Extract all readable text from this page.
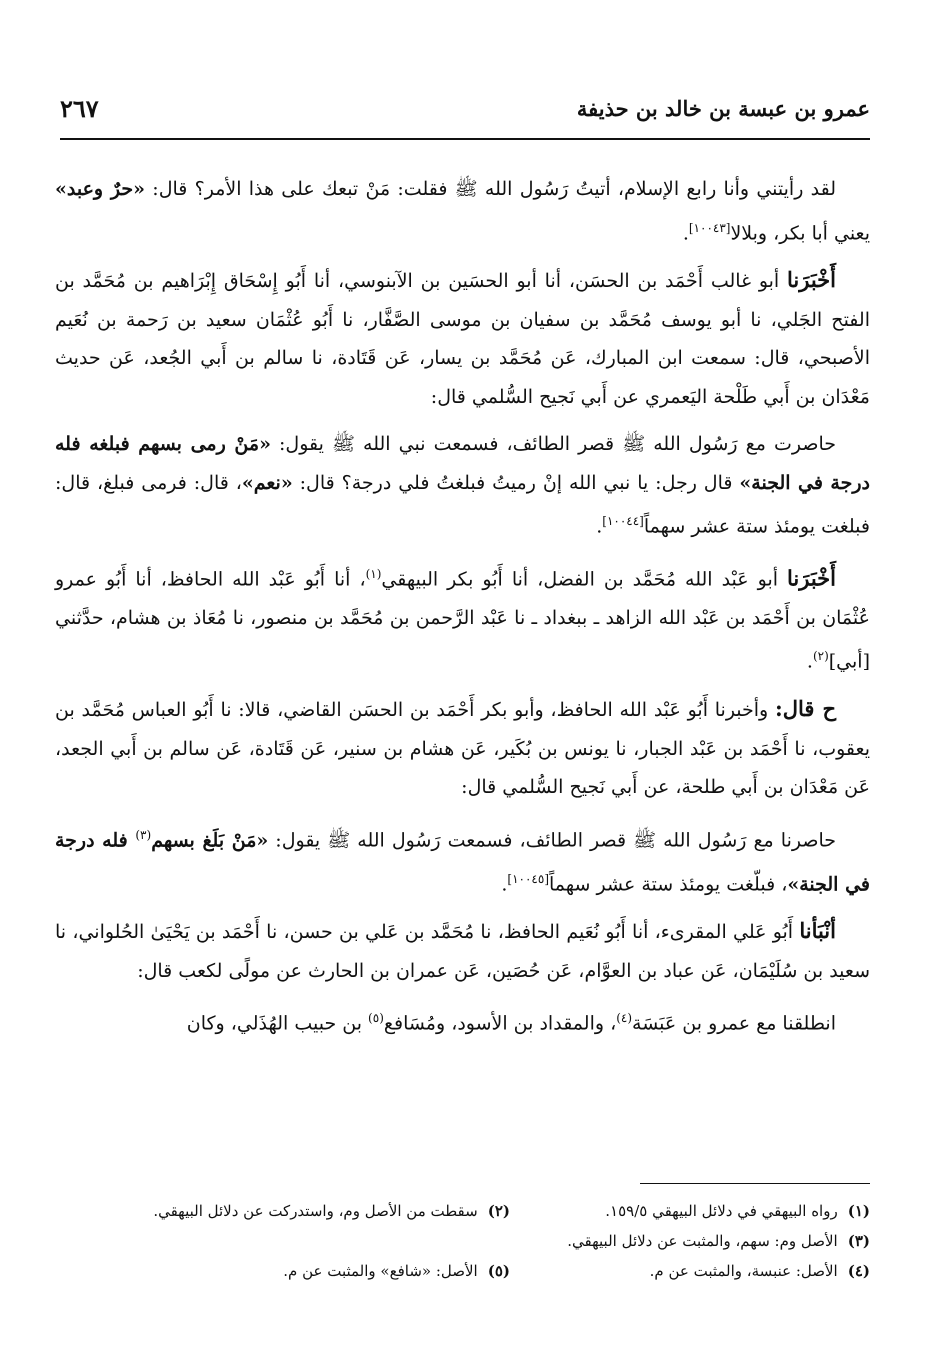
٢٦٧	عمرو بن عبسة بن خالد بن حذيفة

لقد رأيتني وأنا رابع الإسلام، أتيتُ رَسُول الله ﷺ فقلت: مَنْ تبعك على هذا الأمر؟ قال: «حرٌ وعبد» يعني أبا بكر، وبلالا[١٠٠٤٣].

أَخْبَرَنا أبو غالب أَحْمَد بن الحسَن، أنا أبو الحسَين بن الآبنوسي، أنا أَبُو إِسْحَاق إِبْرَاهيم بن مُحَمَّد بن الفتح الجَلي، نا أبو يوسف مُحَمَّد بن سفيان بن موسى الصَّفَّار، نا أَبُو عُثْمَان سعيد بن رَحمة بن نُعَيم الأصبحي، قال: سمعت ابن المبارك، عَن مُحَمَّد بن يسار، عَن قَتَادة، نا سالم بن أَبي الجُعد، عَن حديث مَعْدَان بن أَبي طَلْحة اليَعمري عن أَبي نَجيح السُّلمي قال:

حاصرت مع رَسُول الله ﷺ قصر الطائف، فسمعت نبي الله ﷺ يقول: «مَنْ رمى بسهم فبلغه فله درجة في الجنة» قال رجل: يا نبي الله إنْ رميتُ فبلغتُ فلي درجة؟ قال: «نعم»، قال: فرمى فبلغ، قال: فبلغت يومئذ ستة عشر سهماً[١٠٠٤٤].

أَخْبَرَنا أبو عَبْد الله مُحَمَّد بن الفضل، أنا أَبُو بكر البيهقي$^{(١)}$، أنا أَبُو عَبْد الله الحافظ، أنا أَبُو عمرو عُثْمَان بن أَحْمَد بن عَبْد الله الزاهد ـ ببغداد ـ نا عَبْد الرَّحمن بن مُحَمَّد بن منصور، نا مُعَاذ بن هشام، حدَّثني [أبي]$^{(٢)}$.

ح قال: وأخبرنا أَبُو عَبْد الله الحافظ، وأبو بكر أَحْمَد بن الحسَن القاضي، قالا: نا أَبُو العباس مُحَمَّد بن يعقوب، نا أَحْمَد بن عَبْد الجبار، نا يونس بن بُكَير، عَن هشام بن سنير، عَن قَتَادة، عَن سالم بن أَبي الجعد، عَن مَعْدَان بن أَبي طلحة، عن أَبي نَجيح السُّلمي قال:

حاصرنا مع رَسُول الله ﷺ قصر الطائف، فسمعت رَسُول الله ﷺ يقول: «مَنْ بَلَغ بسهم$^{(٣)}$ فله درجة في الجنة»، فبلّغت يومئذ ستة عشر سهماً[١٠٠٤٥].

أنْبَأنا أَبُو عَلي المقرىء، أنا أَبُو نُعَيم الحافظ، نا مُحَمَّد بن عَلي بن حسن، نا أَحْمَد بن يَحْيَىٰ الحُلواني، نا سعيد بن سُلَيْمَان، عَن عباد بن العوَّام، عَن حُصَين، عَن عمران بن الحارث عن مولًى لكعب قال:

انطلقنا مع عمرو بن عَبَسَة$^{(٤)}$، والمقداد بن الأسود، ومُسَافع$^{(٥)}$ بن حبيب الهُذَلي، وكان

(١)رواه البيهقي في دلائل البيهقي ١٥٩/٥.
(٢)سقطت من الأصل وم، واستدركت عن دلائل البيهقي.
(٣)الأصل وم: سهم، والمثبت عن دلائل البيهقي.
(٤)الأصل: عنبسة، والمثبت عن م.
(٥)الأصل: «شافع» والمثبت عن م.
